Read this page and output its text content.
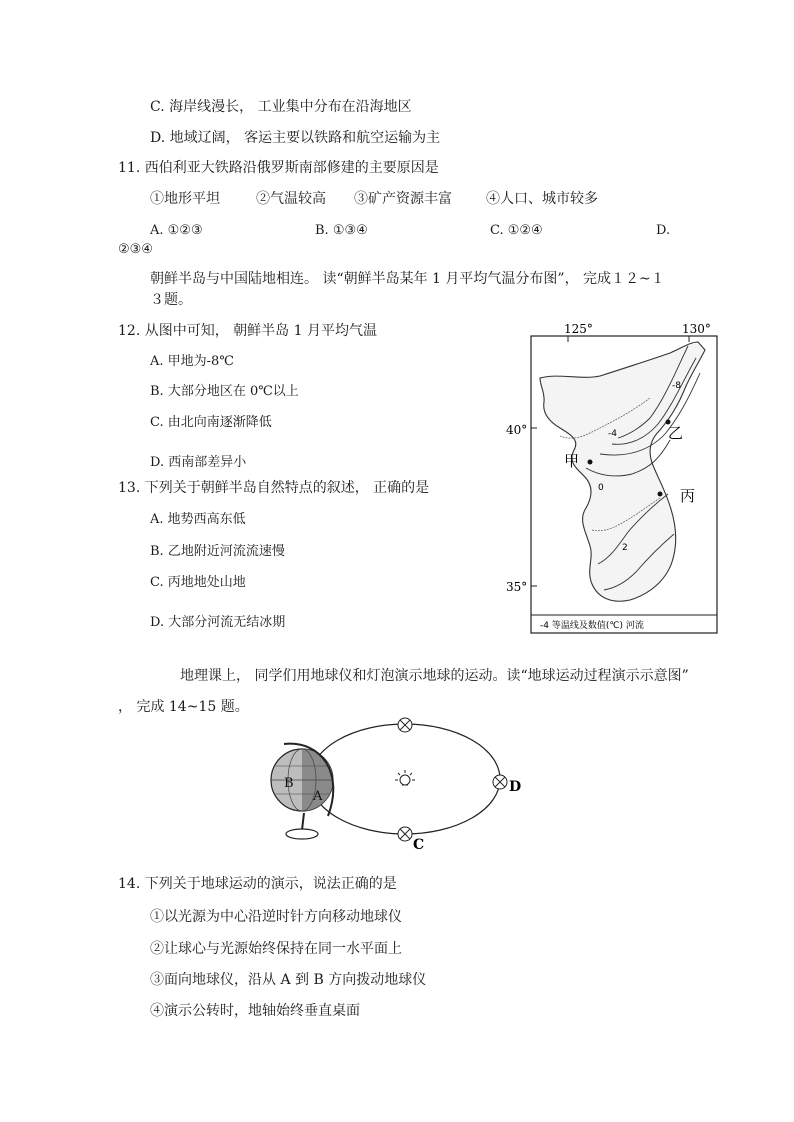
C. 海岸线漫长， 工业集中分布在沿海地区
D. 地域辽阔， 客运主要以铁路和航空运输为主
11. 西伯利亚大铁路沿俄罗斯南部修建的主要原因是
①地形平坦	②气温较高 ③矿产资源丰富 ④人口、城市较多
A. ①②③	B. ①③④	C. ①②④	D.
②③④
朝鲜半岛与中国陆地相连。 读“朝鲜半岛某年 1 月平均气温分布图”， 完成１２~１
３题。
12. 从图中可知， 朝鲜半岛 1 月平均气温
A. 甲地为-8℃
B. 大部分地区在 0℃以上
C. 由北向南逐渐降低
D. 西南部差异小
13. 下列关于朝鲜半岛自然特点的叙述， 正确的是
A. 地势西高东低
B. 乙地附近河流流速慢
C. 丙地地处山地
D. 大部分河流无结冰期
125°	130°
40°
35°
-8
-4
0
2
甲
乙
丙
-4 等温线及数值(℃) 河流
地理课上， 同学们用地球仪和灯泡演示地球的运动。读“地球运动过程演示示意图”
， 完成 14~15 题。
B
A
D
C
14. 下列关于地球运动的演示，说法正确的是
①以光源为中心沿逆时针方向移动地球仪
②让球心与光源始终保持在同一水平面上
③面向地球仪，沿从 A 到 B 方向拨动地球仪
④演示公转时，地轴始终垂直桌面
